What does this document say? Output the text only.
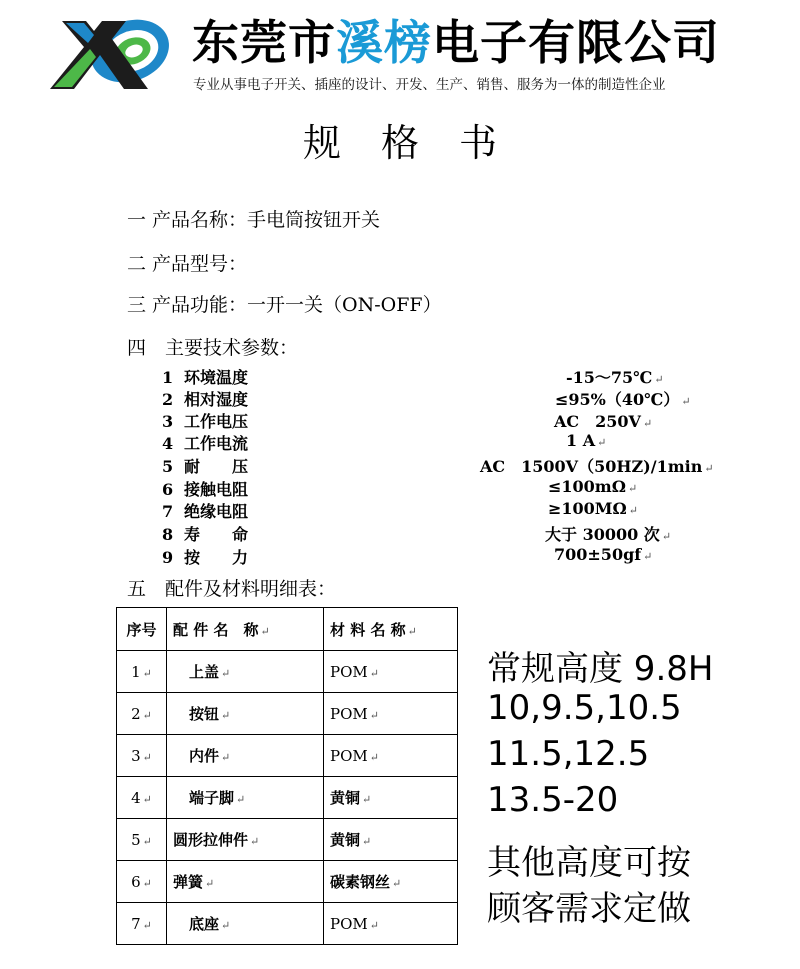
东莞市溪榜电子有限公司
专业从事电子开关、插座的设计、开发、生产、销售、服务为一体的制造性企业
规格书
一 产品名称：手电筒按钮开关
二 产品型号：
三 产品功能：一开一关（ON-OFF）
四　主要技术参数：
1 环境温度	-15～75℃ ↵
2 相对湿度	≤95%（40℃） ↵
3 工作电压	AC　250V ↵
4 工作电流	1 A ↵
5 耐　　压	AC　1500V（50HZ)/1min ↵
6 接触电阻	≤100mΩ ↵
7 绝缘电阻	≥100MΩ ↵
8 寿　　命	大于 30000 次 ↵
9 按　　力	700±50gf ↵
五　配件及材料明细表：
序号	配 件 名　称 ↵	材 料 名 称 ↵
1 ↵	上盖 ↵	POM ↵
2 ↵	按钮 ↵	POM ↵
3 ↵	内件 ↵	POM ↵
4 ↵	端子脚 ↵	黄铜 ↵
5 ↵	圆形拉伸件 ↵	黄铜 ↵
6 ↵	弹簧 ↵	碳素钢丝 ↵
7 ↵	底座 ↵	POM ↵
常规高度 9.8H
10,9.5,10.5
11.5,12.5
13.5-20
其他高度可按
顾客需求定做
